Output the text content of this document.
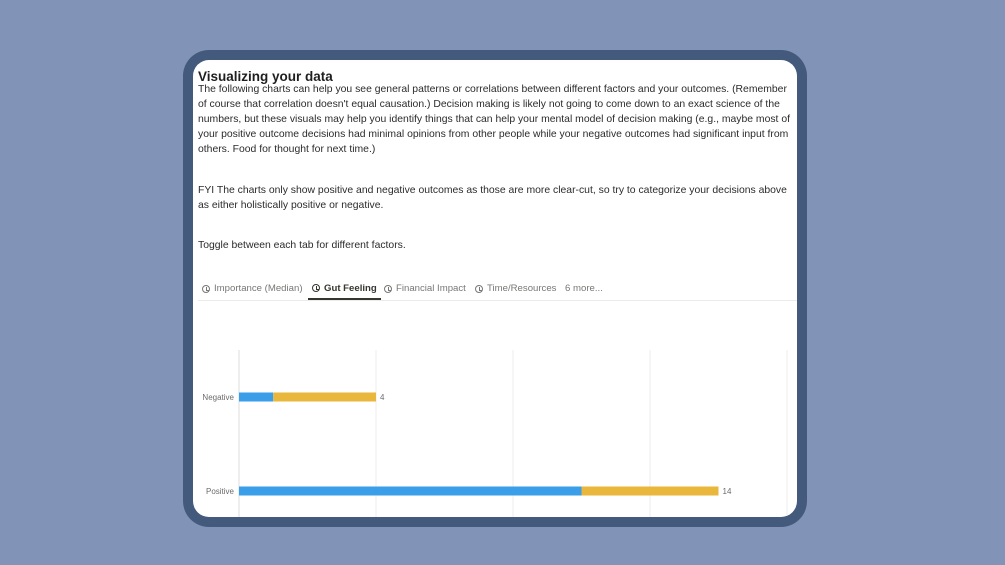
Negative	4
Positive	14
Visualizing your data

The following charts can help you see general patterns or correlations between different factors and your outcomes. (Remember of course that correlation doesn't equal causation.) Decision making is likely not going to come down to an exact science of the numbers, but these visuals may help you identify things that can help your mental model of decision making (e.g., maybe most of your positive outcome decisions had minimal opinions from other people while your negative outcomes had significant input from others. Food for thought for next time.)

FYI The charts only show positive and negative outcomes as those are more clear-cut, so try to categorize your decisions above as either holistically positive or negative.

Toggle between each tab for different factors.

Importance (Median) Gut Feeling Financial Impact Time/Resources 6 more...
